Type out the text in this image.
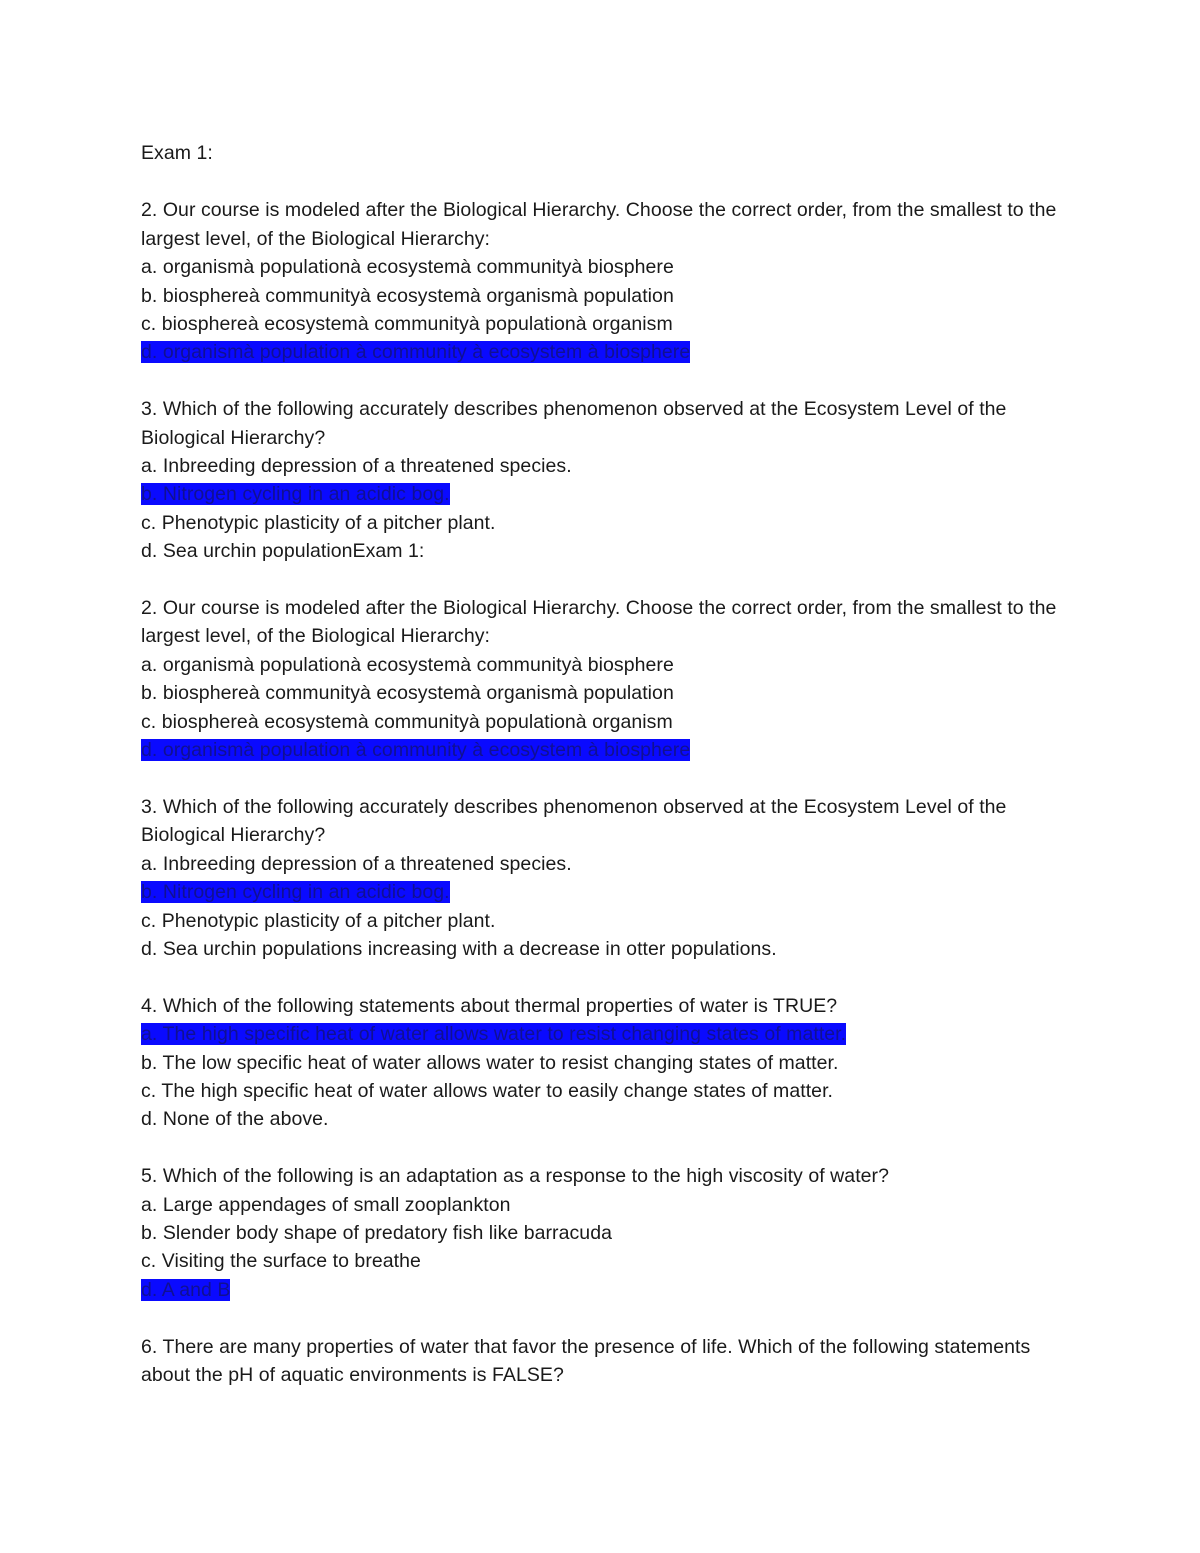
Exam 1:

2. Our course is modeled after the Biological Hierarchy. Choose the correct order, from the smallest to the largest level, of the Biological Hierarchy:

a. organismà populationà ecosystemà communityà biosphere

b. biosphereà communityà ecosystemà organismà population

c. biosphereà ecosystemà communityà populationà organism

d. organismà population à community à ecosystem à biosphere

3. Which of the following accurately describes phenomenon observed at the Ecosystem Level of the Biological Hierarchy?

a. Inbreeding depression of a threatened species.

b. Nitrogen cycling in an acidic bog.

c. Phenotypic plasticity of a pitcher plant.

d. Sea urchin populationExam 1:

2. Our course is modeled after the Biological Hierarchy. Choose the correct order, from the smallest to the largest level, of the Biological Hierarchy:

a. organismà populationà ecosystemà communityà biosphere

b. biosphereà communityà ecosystemà organismà population

c. biosphereà ecosystemà communityà populationà organism

d. organismà population à community à ecosystem à biosphere

3. Which of the following accurately describes phenomenon observed at the Ecosystem Level of the Biological Hierarchy?

a. Inbreeding depression of a threatened species.

b. Nitrogen cycling in an acidic bog.

c. Phenotypic plasticity of a pitcher plant.

d. Sea urchin populations increasing with a decrease in otter populations.

4. Which of the following statements about thermal properties of water is TRUE?

a. The high specific heat of water allows water to resist changing states of matter.

b. The low specific heat of water allows water to resist changing states of matter.

c. The high specific heat of water allows water to easily change states of matter.

d. None of the above.

5. Which of the following is an adaptation as a response to the high viscosity of water?

a. Large appendages of small zooplankton

b. Slender body shape of predatory fish like barracuda

c. Visiting the surface to breathe

d. A and B

6. There are many properties of water that favor the presence of life. Which of the following statements about the pH of aquatic environments is FALSE?
